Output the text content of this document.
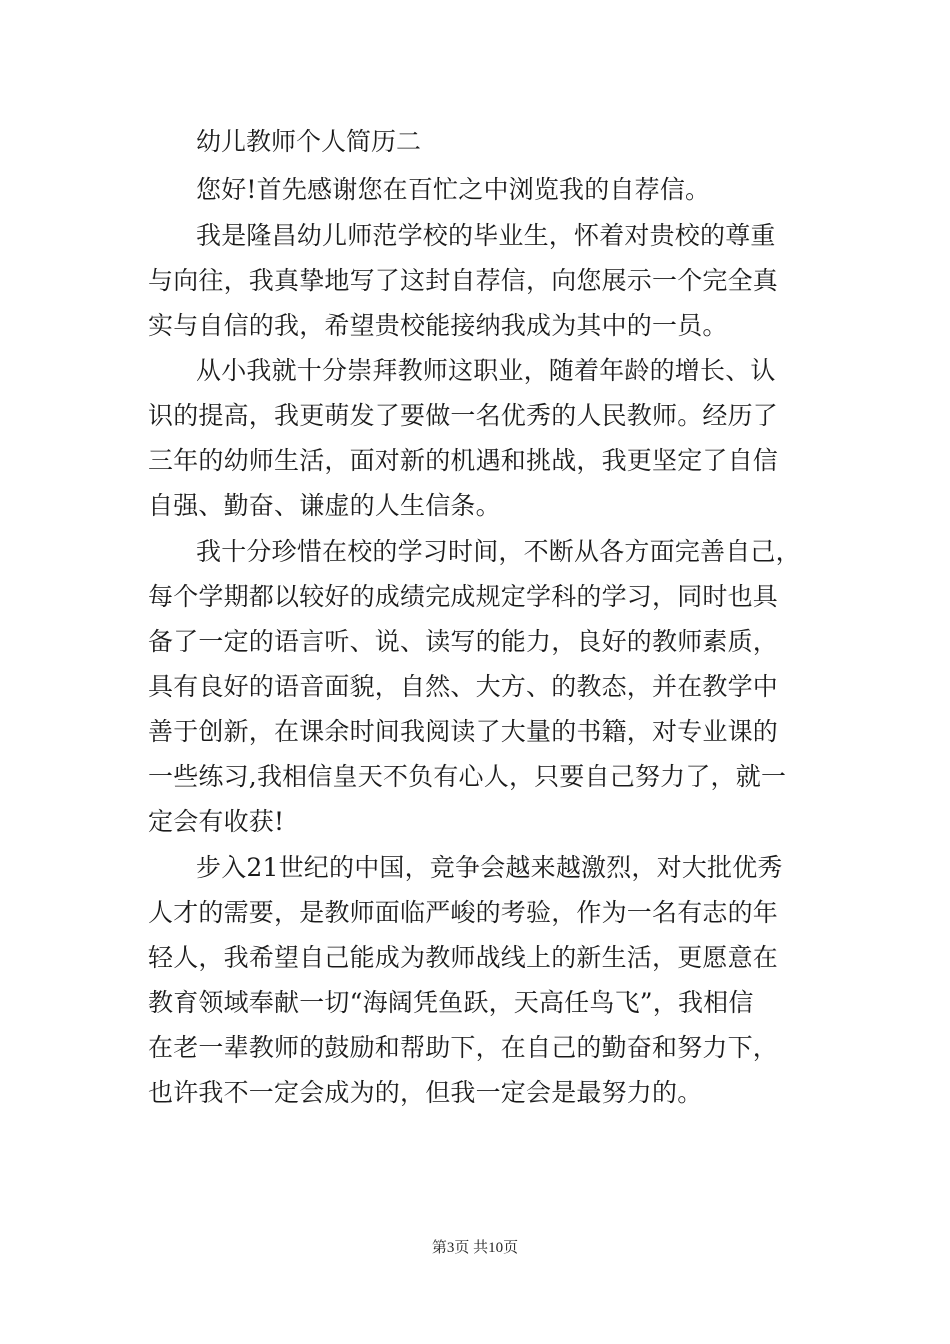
幼儿教师个人简历二
您好!首先感谢您在百忙之中浏览我的自荐信。
我是隆昌幼儿师范学校的毕业生，怀着对贵校的尊重
与向往，我真挚地写了这封自荐信，向您展示一个完全真
实与自信的我，希望贵校能接纳我成为其中的一员。
从小我就十分崇拜教师这职业，随着年龄的增长、认
识的提高，我更萌发了要做一名优秀的人民教师。经历了
三年的幼师生活，面对新的机遇和挑战，我更坚定了自信
自强、勤奋、谦虚的人生信条。
我十分珍惜在校的学习时间，不断从各方面完善自己，
每个学期都以较好的成绩完成规定学科的学习，同时也具
备了一定的语言听、说、读写的能力，良好的教师素质，
具有良好的语音面貌，自然、大方、的教态，并在教学中
善于创新，在课余时间我阅读了大量的书籍，对专业课的
一些练习,我相信皇天不负有心人，只要自己努力了，就一
定会有收获!
步入21世纪的中国，竞争会越来越激烈，对大批优秀
人才的需要，是教师面临严峻的考验，作为一名有志的年
轻人，我希望自己能成为教师战线上的新生活，更愿意在
教育领域奉献一切“海阔凭鱼跃，天高任鸟飞”，我相信
在老一辈教师的鼓励和帮助下，在自己的勤奋和努力下，
也许我不一定会成为的，但我一定会是最努力的。
第3页 共10页
